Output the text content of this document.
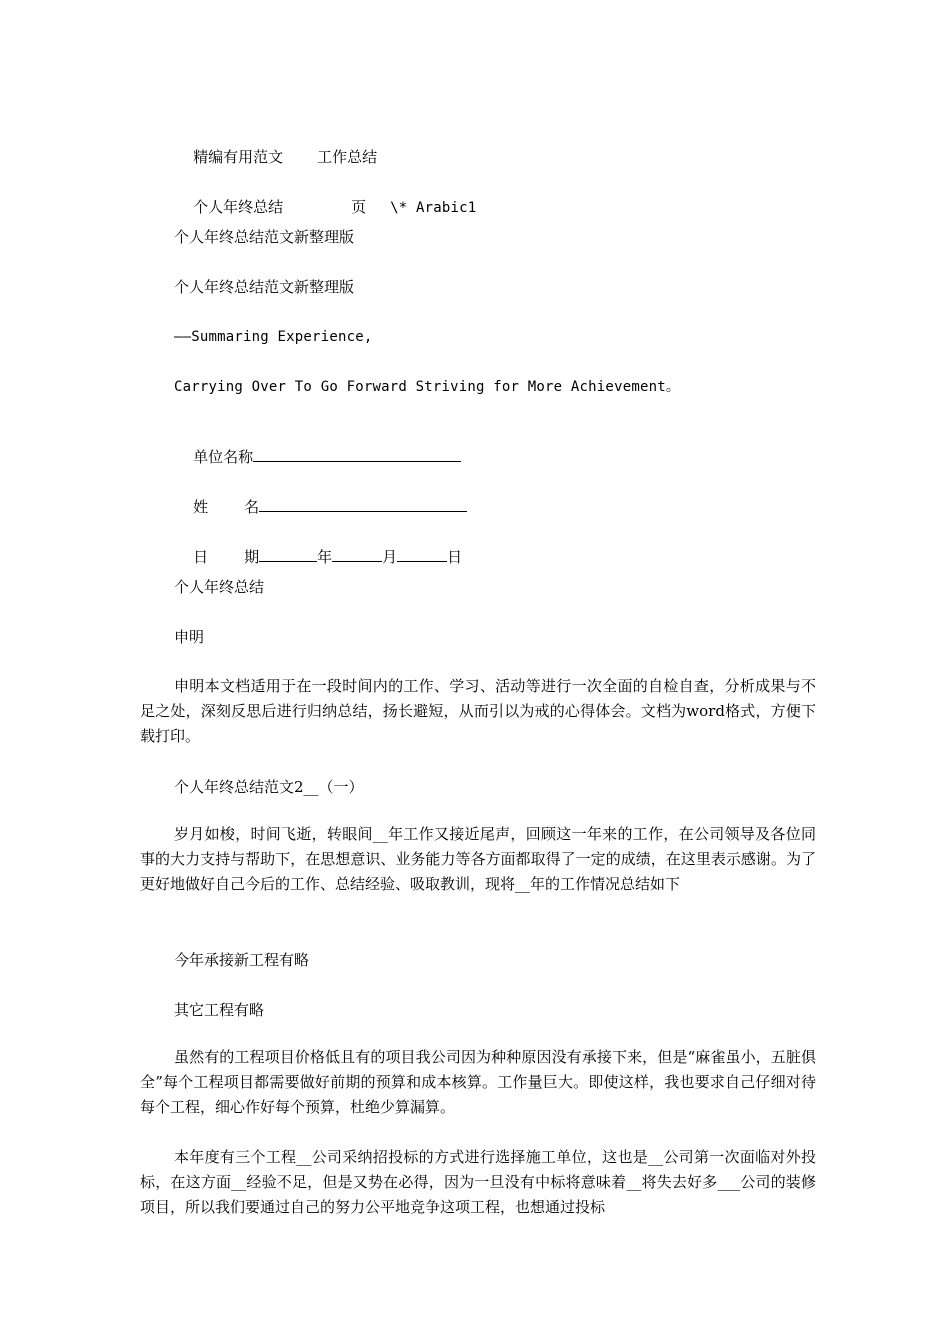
精编有用范文 工作总结

个人年终总结	页 \* Arabic1

个人年终总结范文新整理版
个人年终总结范文新整理版
——Summaring Experience,
Carrying Over To Go Forward Striving for More Achievement。

单位名称

姓 名

日 期	年	月	日

个人年终总结
申明
申明本文档适用于在一段时间内的工作、学习、活动等进行一次全面的自检自查，分析成果与不足之处，深刻反思后进行归纳总结，扬长避短，从而引以为戒的心得体会。文档为word格式，方便下载打印。
个人年终总结范文2__（一）
岁月如梭，时间飞逝，转眼间__年工作又接近尾声，回顾这一年来的工作，在公司领导及各位同事的大力支持与帮助下，在思想意识、业务能力等各方面都取得了一定的成绩，在这里表示感谢。为了更好地做好自己今后的工作、总结经验、吸取教训，现将__年的工作情况总结如下
今年承接新工程有略
其它工程有略
虽然有的工程项目价格低且有的项目我公司因为种种原因没有承接下来，但是“麻雀虽小，五脏俱全”每个工程项目都需要做好前期的预算和成本核算。工作量巨大。即使这样，我也要求自己仔细对待每个工程，细心作好每个预算，杜绝少算漏算。
本年度有三个工程__公司采纳招投标的方式进行选择施工单位，这也是__公司第一次面临对外投标，在这方面__经验不足，但是又势在必得，因为一旦没有中标将意味着__将失去好多___公司的装修项目，所以我们要通过自己的努力公平地竞争这项工程，也想通过投标
